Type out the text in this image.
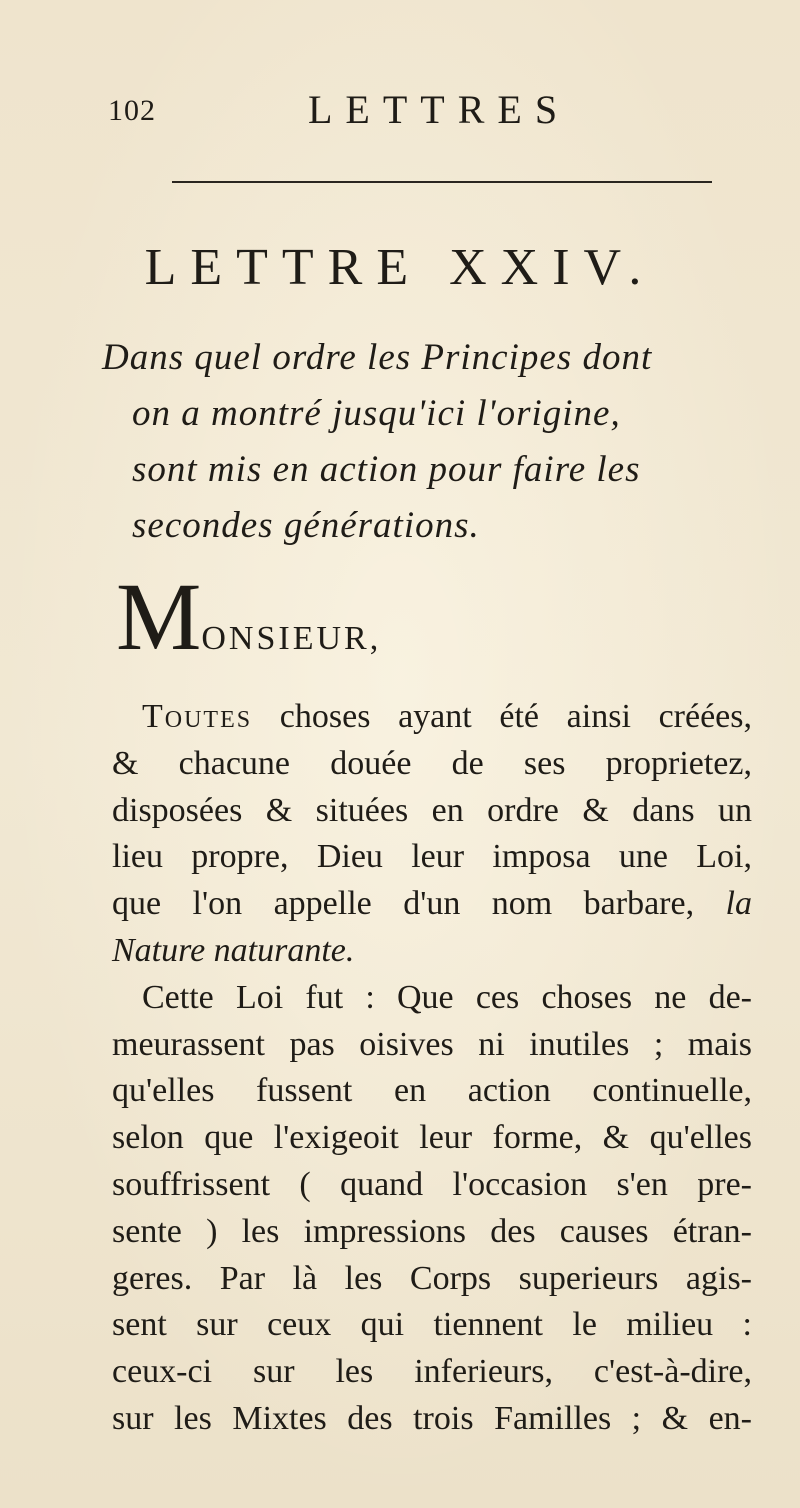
102	LETTRES
LETTRE XXIV.
Dans quel ordre les Principes dont
on a montré jusqu'ici l'origine,
sont mis en action pour faire les
secondes générations.
MONSIEUR,
Toutes choses ayant été ainsi créées,
& chacune douée de ses proprietez,
disposées & situées en ordre & dans un
lieu propre, Dieu leur imposa une Loi,
que l'on appelle d'un nom barbare, la
Nature naturante.
Cette Loi fut : Que ces choses ne de-
meurassent pas oisives ni inutiles ; mais
qu'elles fussent en action continuelle,
selon que l'exigeoit leur forme, & qu'elles
souffrissent ( quand l'occasion s'en pre-
sente ) les impressions des causes étran-
geres. Par là les Corps superieurs agis-
sent sur ceux qui tiennent le milieu :
ceux-ci sur les inferieurs, c'est-à-dire,
sur les Mixtes des trois Familles ; & en-
